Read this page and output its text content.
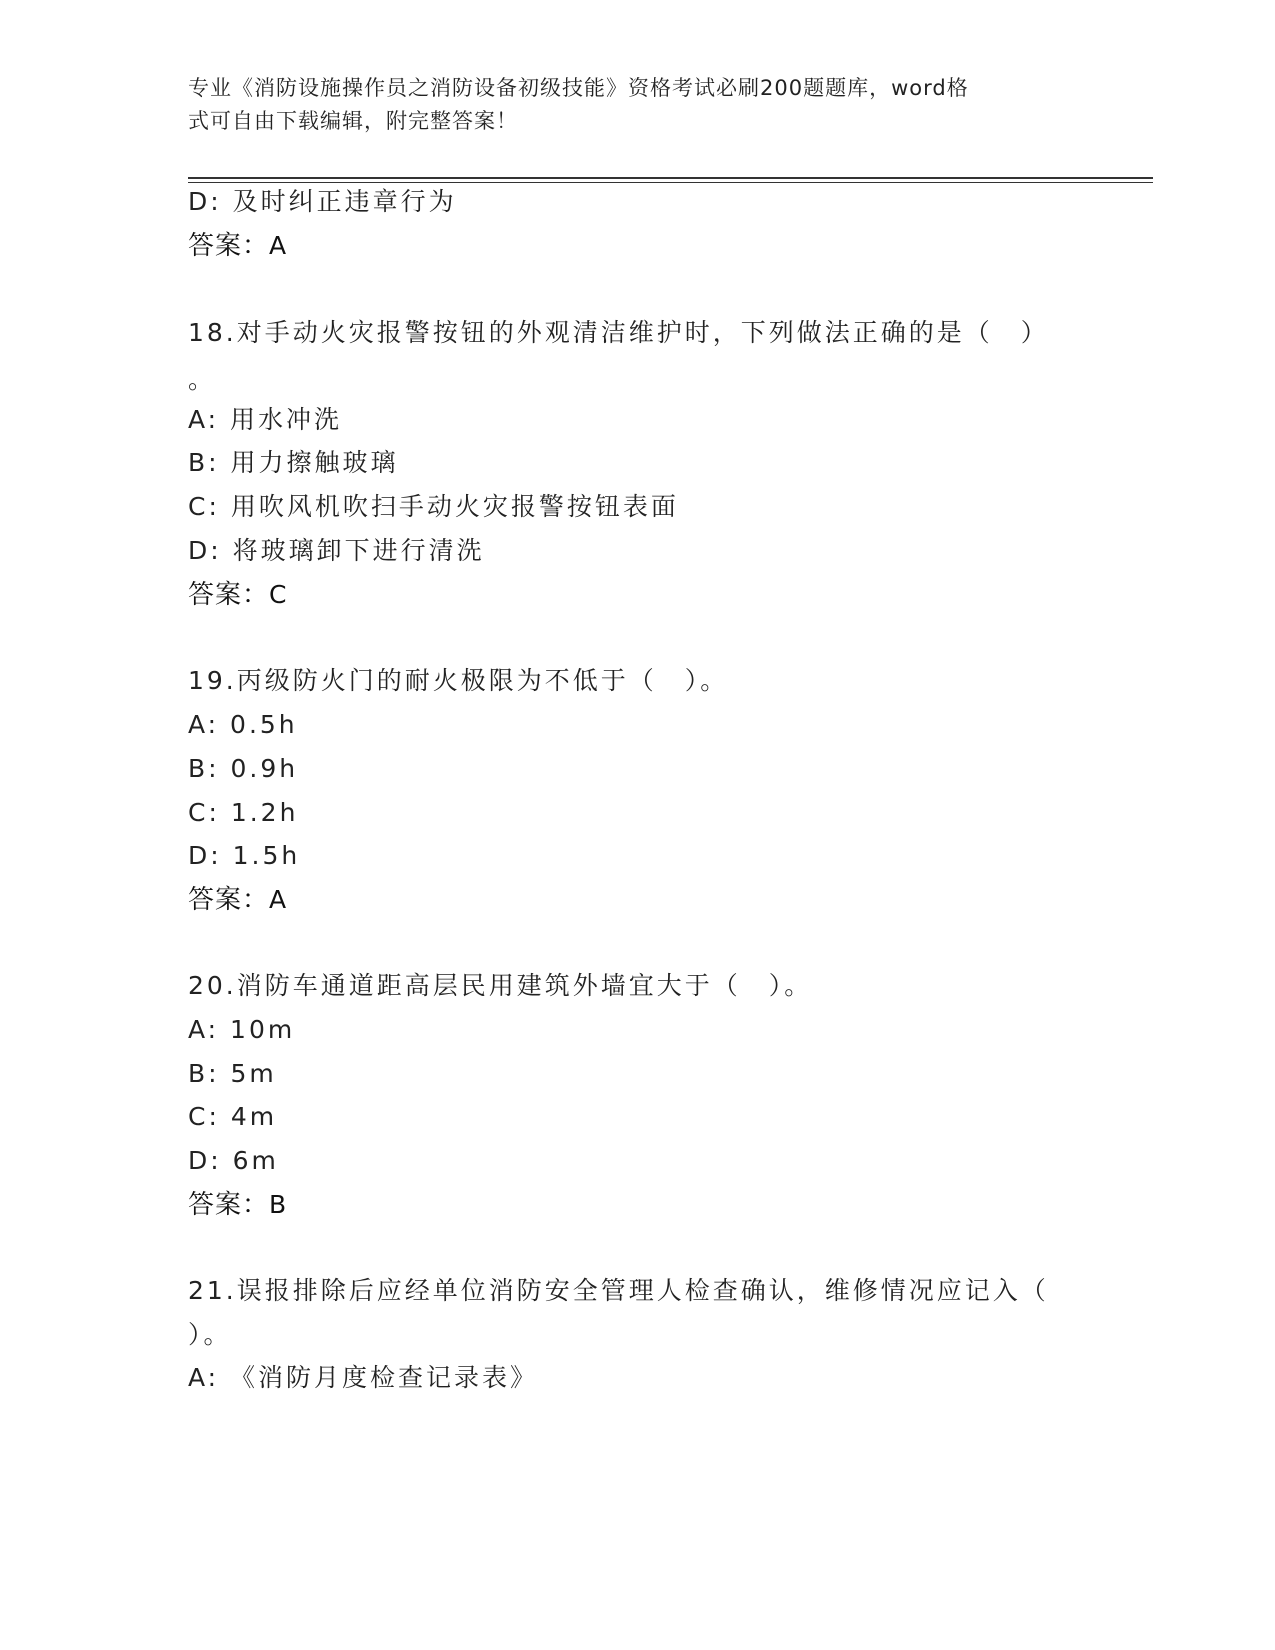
专业《消防设施操作员之消防设备初级技能》资格考试必刷200题题库，word格
式可自由下载编辑，附完整答案！
D: 及时纠正违章行为
答案：A
18.对手动火灾报警按钮的外观清洁维护时，下列做法正确的是（　）
。
A: 用水冲洗
B: 用力擦触玻璃
C: 用吹风机吹扫手动火灾报警按钮表面
D: 将玻璃卸下进行清洗
答案：C
19.丙级防火门的耐火极限为不低于（　）。
A: 0.5h
B: 0.9h
C: 1.2h
D: 1.5h
答案：A
20.消防车通道距高层民用建筑外墙宜大于（　）。
A: 10m
B: 5m
C: 4m
D: 6m
答案：B
21.误报排除后应经单位消防安全管理人检查确认，维修情况应记入（
）。
A: 《消防月度检查记录表》
